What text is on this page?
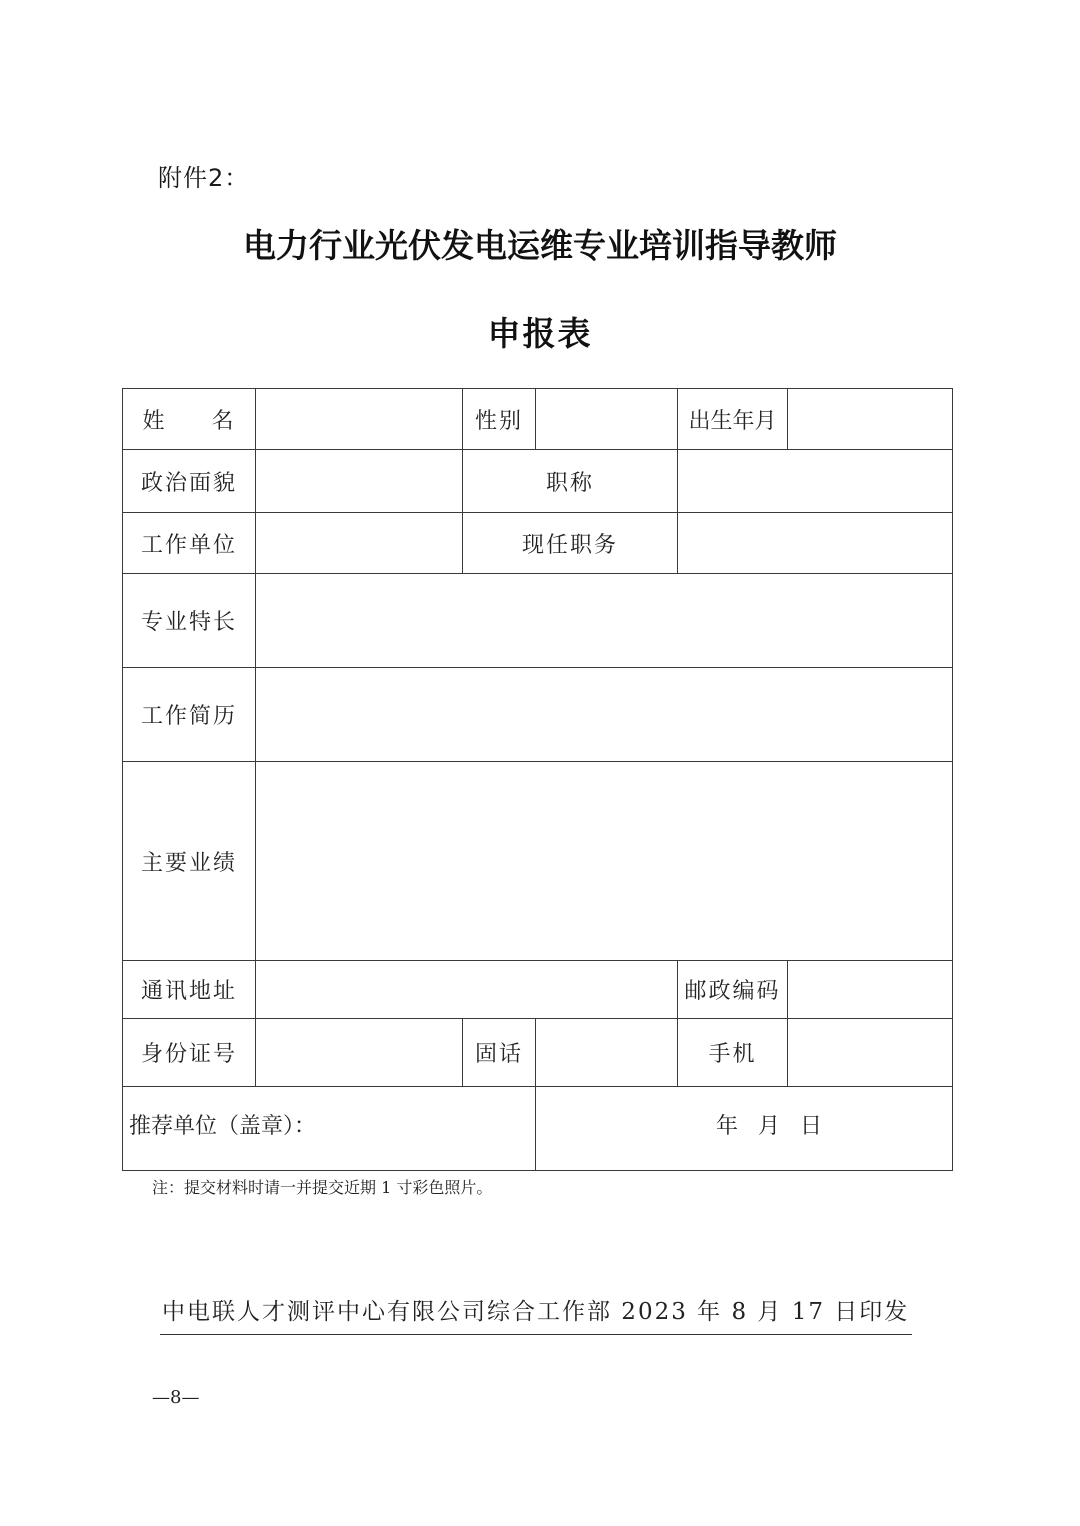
附件2：
电力行业光伏发电运维专业培训指导教师
申报表
姓 名		性别		出生年月	
政治面貌		职称			
工作单位		现任职务			
专业特长					
工作简历					
主要业绩					
通讯地址				邮政编码	
身份证号		固话		手机	
推荐单位（盖章）：			年 月 日		
注：提交材料时请一并提交近期 1 寸彩色照片。
中电联人才测评中心有限公司综合工作部 2023 年 8 月 17 日印发
—8—
